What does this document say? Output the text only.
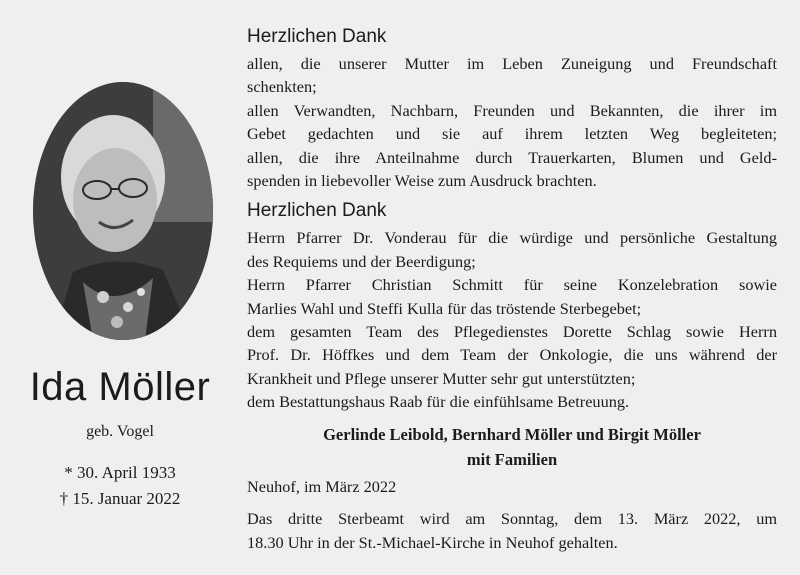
Ida Möller
geb. Vogel
* 30. April 1933
† 15. Januar 2022
Herzlichen Dank
allen, die unserer Mutter im Leben Zuneigung und Freundschaft
schenkten;
allen Verwandten, Nachbarn, Freunden und Bekannten, die ihrer im
Gebet gedachten und sie auf ihrem letzten Weg begleiteten;
allen, die ihre Anteilnahme durch Trauerkarten, Blumen und Geld-
spenden in liebevoller Weise zum Ausdruck brachten.
Herzlichen Dank
Herrn Pfarrer Dr. Vonderau für die würdige und persönliche Gestaltung
des Requiems und der Beerdigung;
Herrn Pfarrer Christian Schmitt für seine Konzelebration sowie
Marlies Wahl und Steffi Kulla für das tröstende Sterbegebet;
dem gesamten Team des Pflegedienstes Dorette Schlag sowie Herrn
Prof. Dr. Höffkes und dem Team der Onkologie, die uns während der
Krankheit und Pflege unserer Mutter sehr gut unterstützten;
dem Bestattungshaus Raab für die einfühlsame Betreuung.
Gerlinde Leibold, Bernhard Möller und Birgit Möller
mit Familien
Neuhof, im März 2022
Das dritte Sterbeamt wird am Sonntag, dem 13. März 2022, um
18.30 Uhr in der St.-Michael-Kirche in Neuhof gehalten.
